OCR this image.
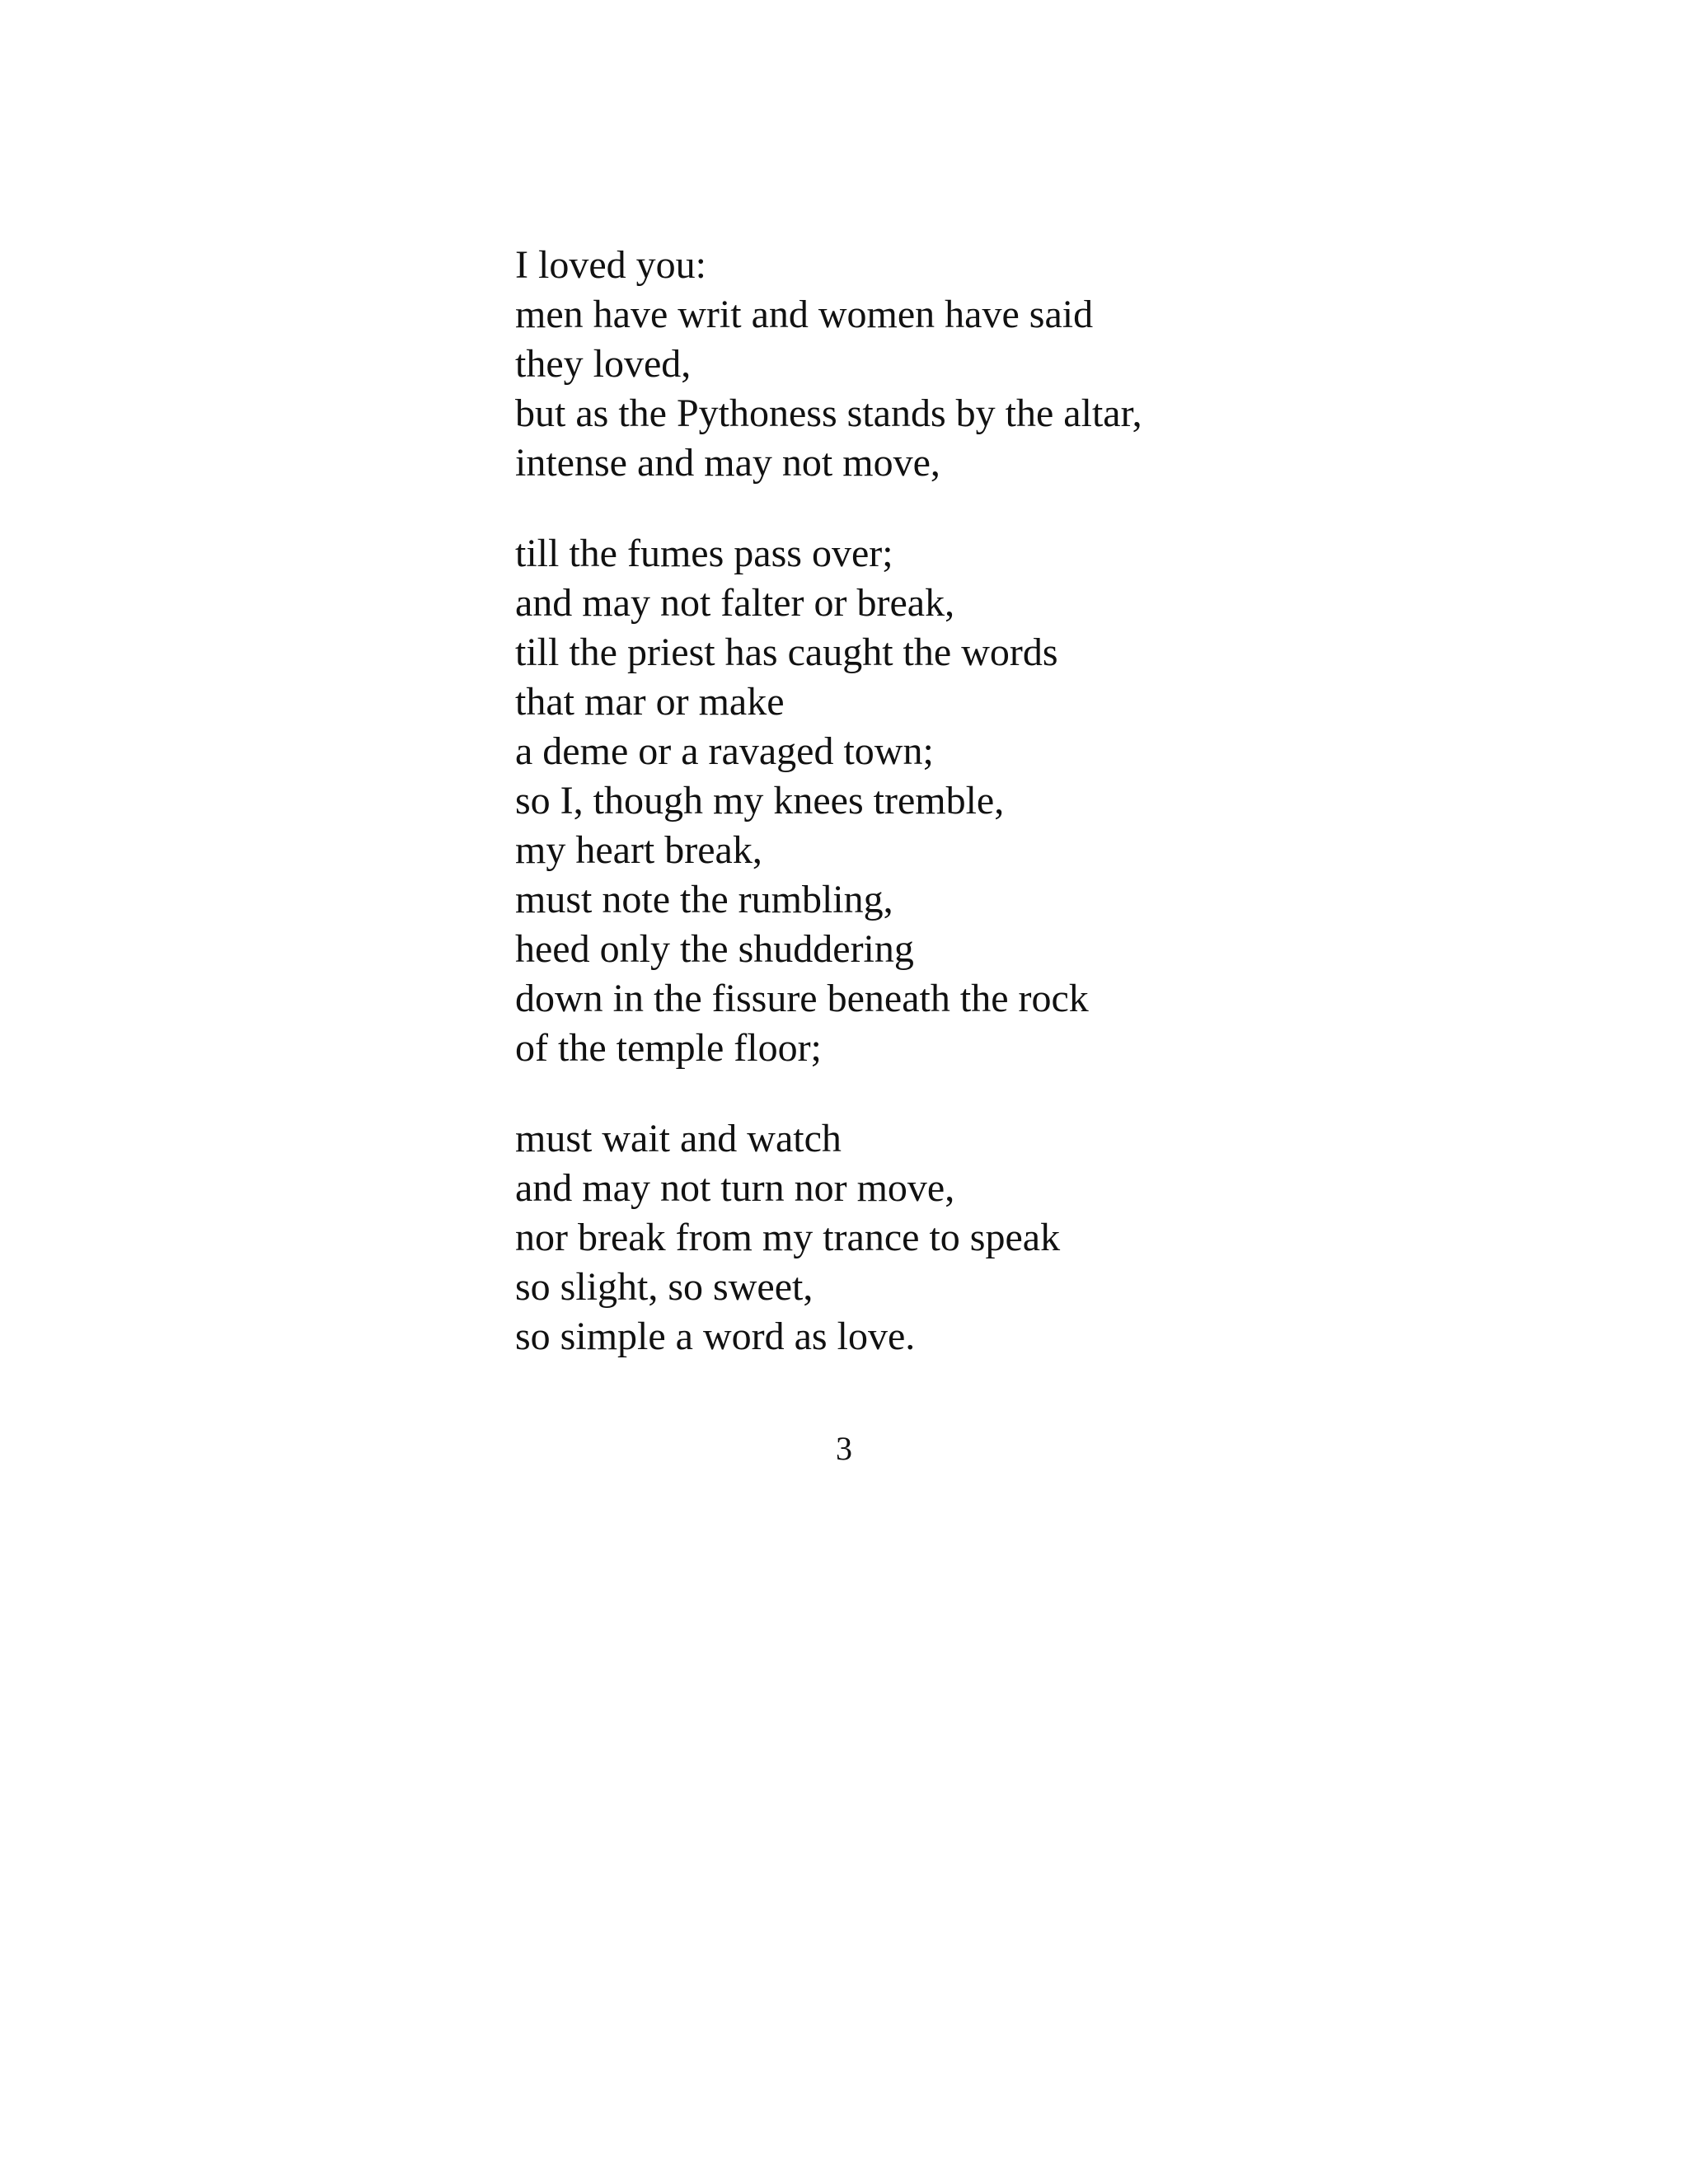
I loved you:
men have writ and women have said
they loved,
but as the Pythoness stands by the altar,
intense and may not move,
till the fumes pass over;
and may not falter or break,
till the priest has caught the words
that mar or make
a deme or a ravaged town;
so I, though my knees tremble,
my heart break,
must note the rumbling,
heed only the shuddering
down in the fissure beneath the rock
of the temple floor;
must wait and watch
and may not turn nor move,
nor break from my trance to speak
so slight, so sweet,
so simple a word as love.
3
